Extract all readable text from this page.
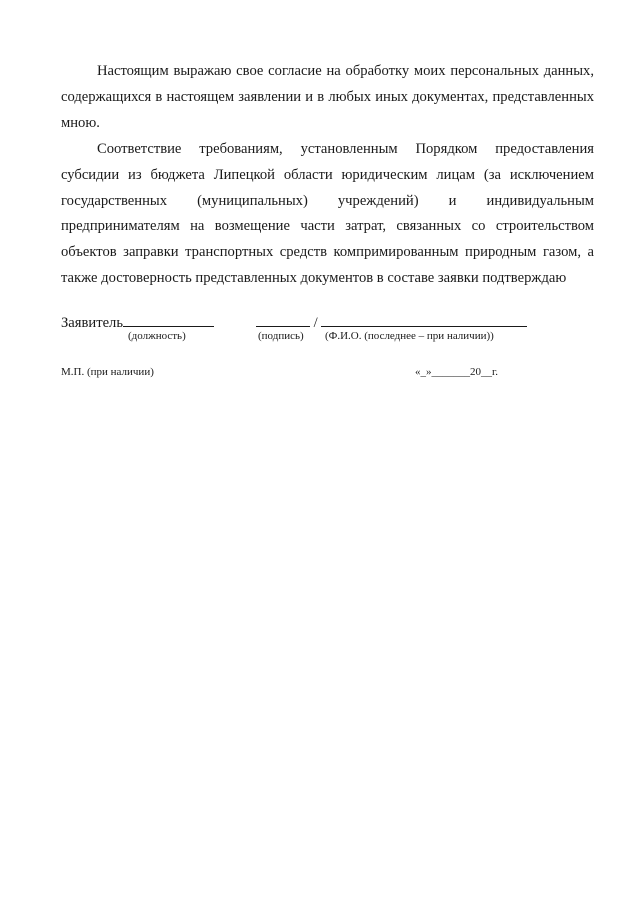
Настоящим выражаю свое согласие на обработку моих персональных данных, содержащихся в настоящем заявлении и в любых иных документах, представленных мною.

Соответствие требованиям, установленным Порядком предоставления субсидии из бюджета Липецкой области юридическим лицам (за исключением государственных (муниципальных) учреждений) и индивидуальным предпринимателям на возмещение части затрат, связанных со строительством объектов заправки транспортных средств компримированным природным газом, а также достоверность представленных документов в составе заявки подтверждаю

Заявитель	/
(должность)	(подпись) (Ф.И.О. (последнее – при наличии))
М.П. (при наличии)	«_»_______20__г.
